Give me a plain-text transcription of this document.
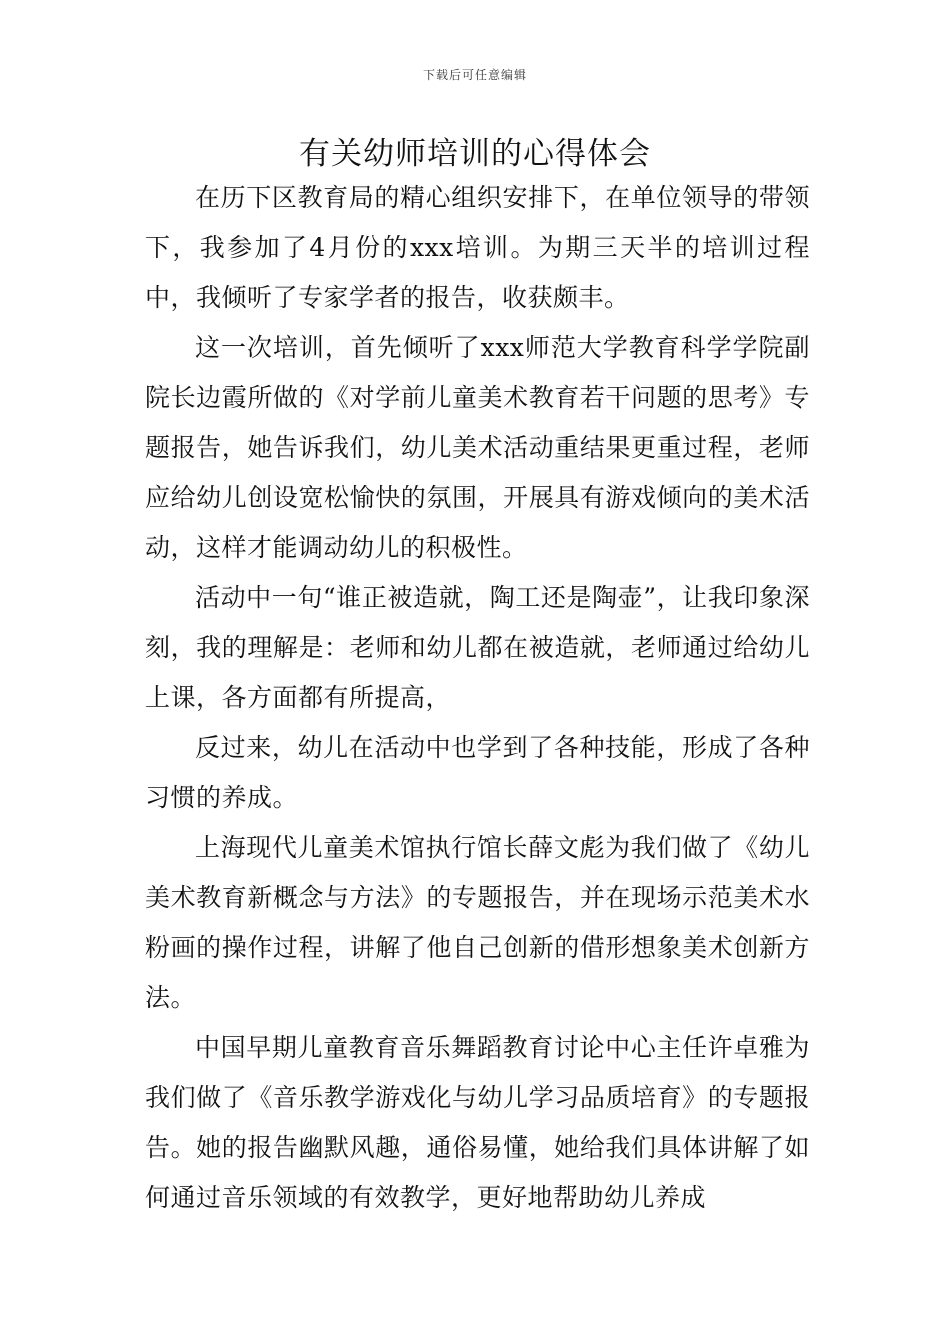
下载后可任意编辑
有关幼师培训的心得体会

在历下区教育局的精心组织安排下，在单位领导的带领下，我参加了4月份的xxx培训。为期三天半的培训过程中，我倾听了专家学者的报告，收获颇丰。

这一次培训，首先倾听了xxx师范大学教育科学学院副院长边霞所做的《对学前儿童美术教育若干问题的思考》专题报告，她告诉我们，幼儿美术活动重结果更重过程，老师应给幼儿创设宽松愉快的氛围，开展具有游戏倾向的美术活动，这样才能调动幼儿的积极性。

活动中一句“谁正被造就，陶工还是陶壶”，让我印象深刻，我的理解是：老师和幼儿都在被造就，老师通过给幼儿上课，各方面都有所提高，

反过来，幼儿在活动中也学到了各种技能，形成了各种习惯的养成。

上海现代儿童美术馆执行馆长薛文彪为我们做了《幼儿美术教育新概念与方法》的专题报告，并在现场示范美术水粉画的操作过程，讲解了他自己创新的借形想象美术创新方法。

中国早期儿童教育音乐舞蹈教育讨论中心主任许卓雅为我们做了《音乐教学游戏化与幼儿学习品质培育》的专题报告。她的报告幽默风趣，通俗易懂，她给我们具体讲解了如何通过音乐领域的有效教学，更好地帮助幼儿养成
